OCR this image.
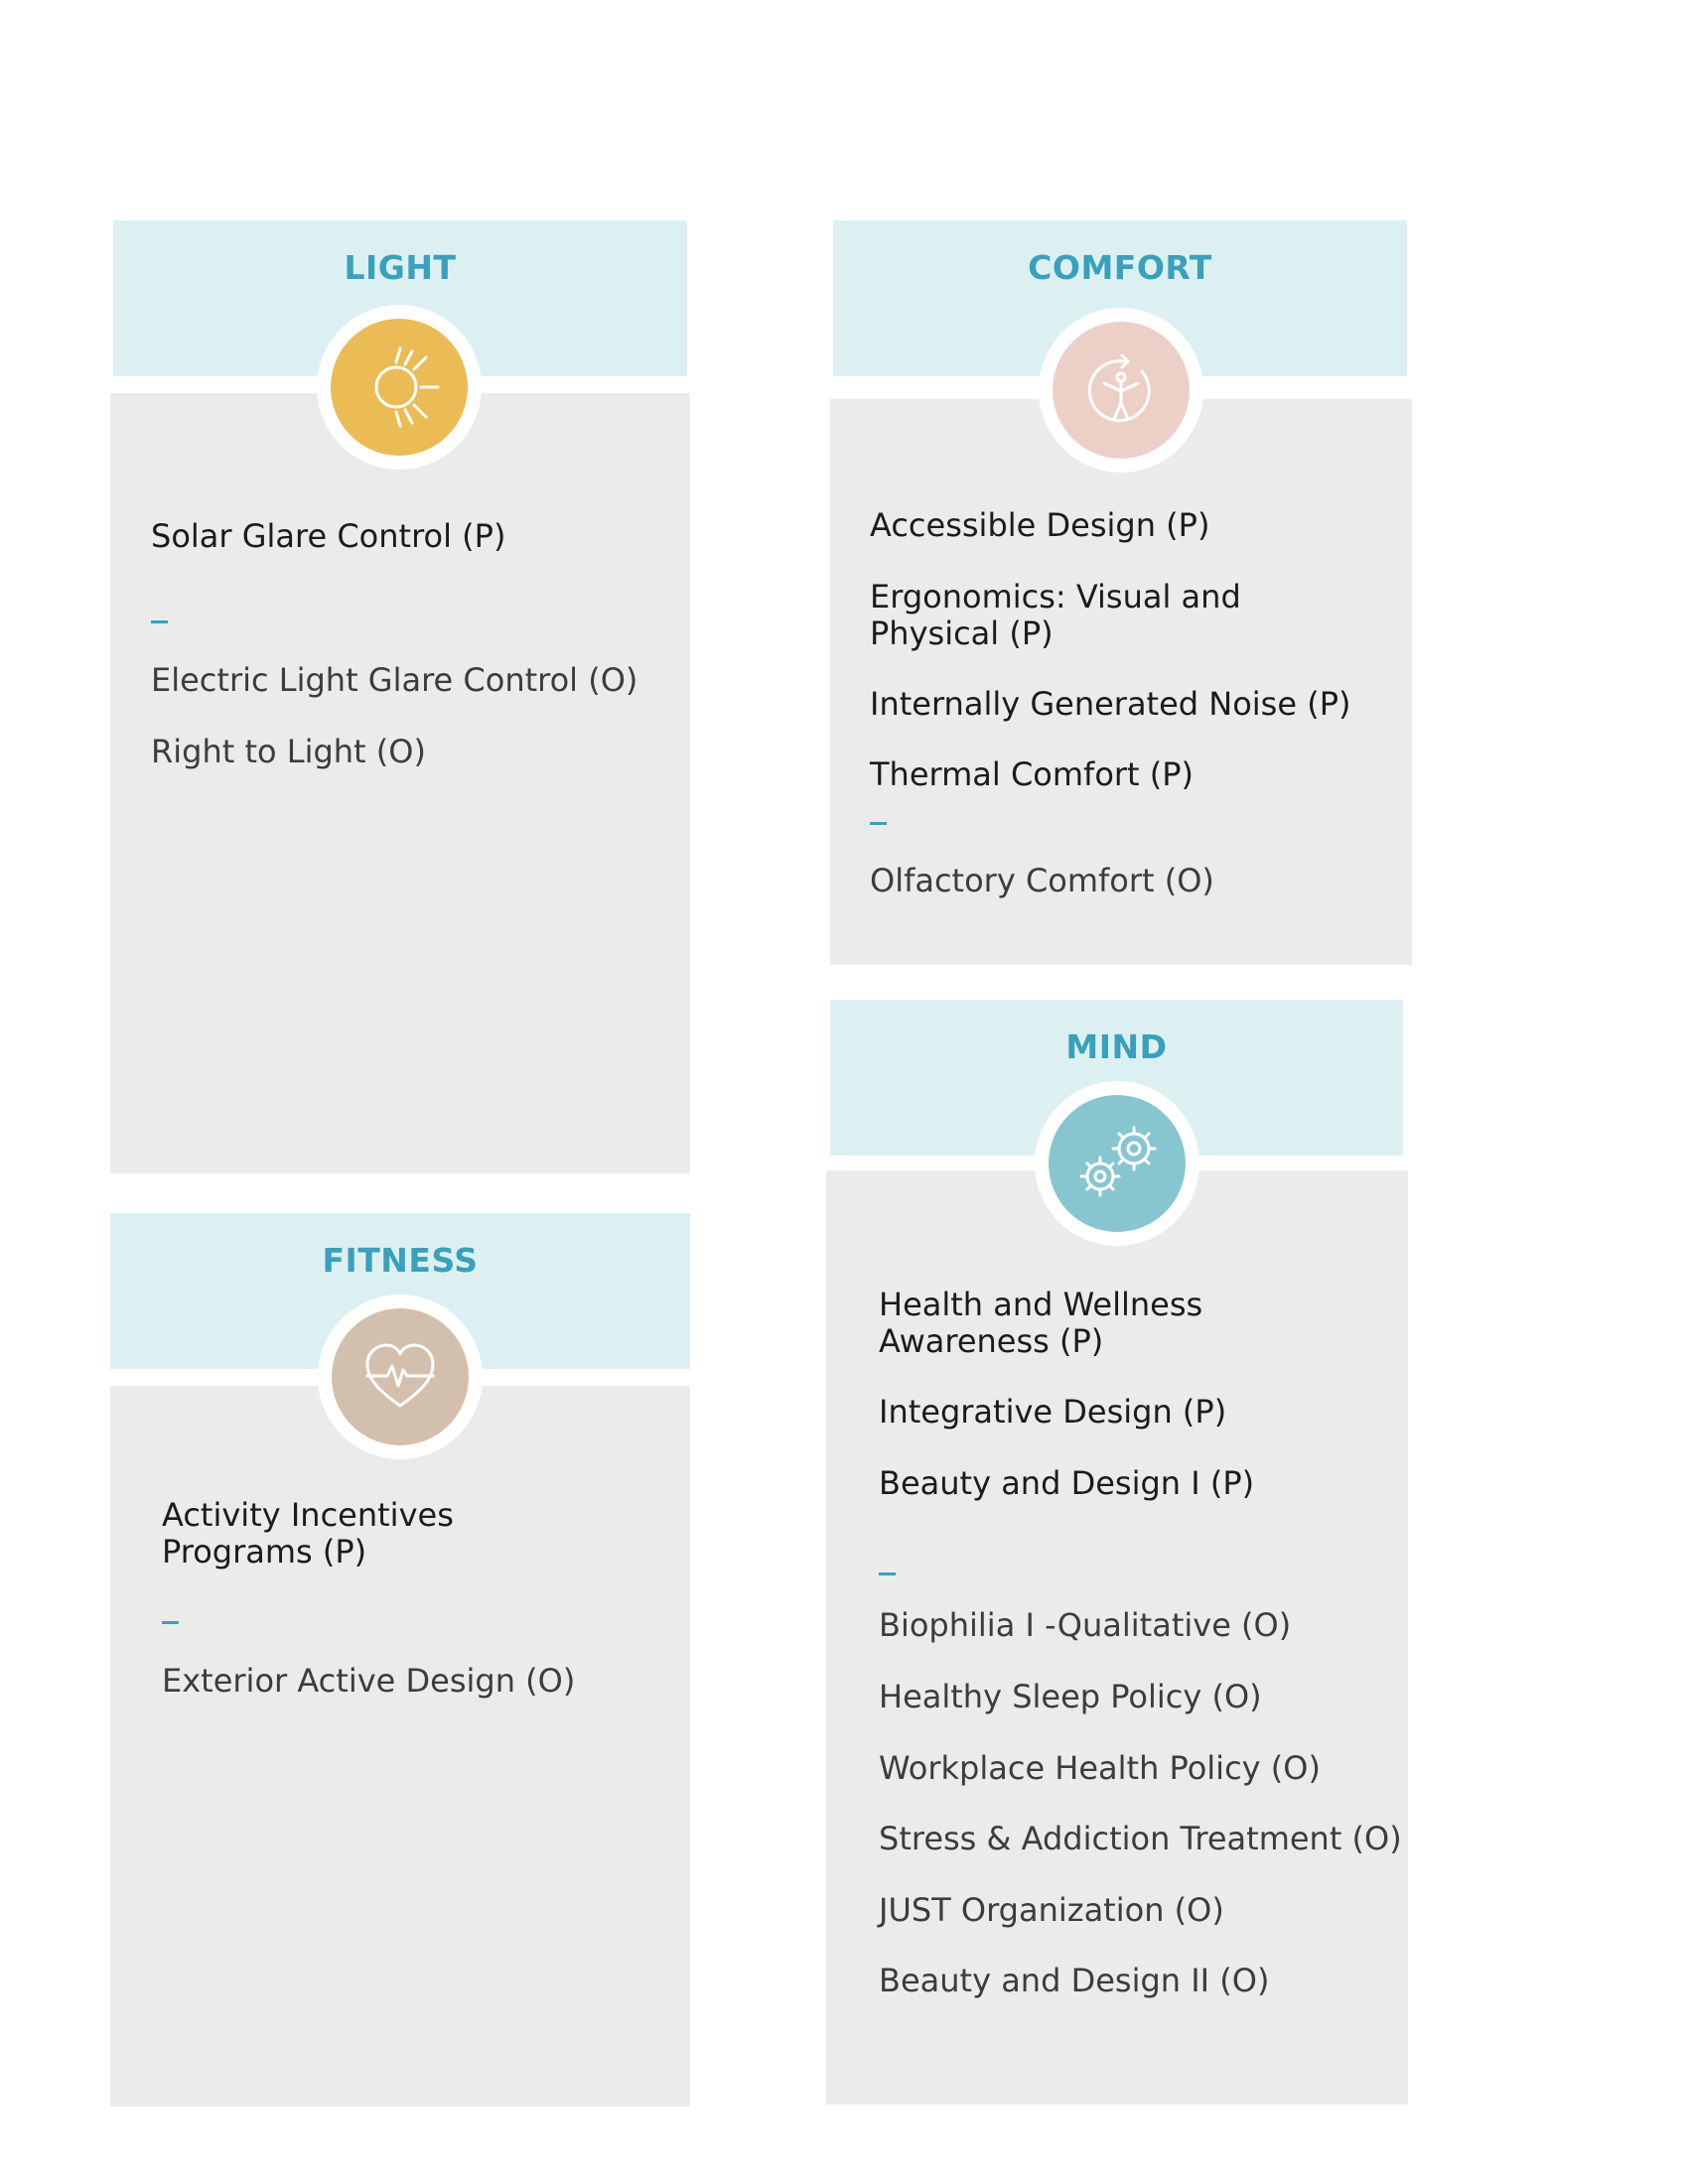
LIGHT
Solar Glare Control (P)
Electric Light Glare Control (O)
Right to Light (O)
COMFORT
Accessible Design (P)
Ergonomics: Visual and
Physical (P)
Internally Generated Noise (P)
Thermal Comfort (P)
Olfactory Comfort (O)
FITNESS
Activity Incentives
Programs (P)
Exterior Active Design (O)
MIND
Health and Wellness
Awareness (P)
Integrative Design (P)
Beauty and Design I (P)
Biophilia I -Qualitative (O)
Healthy Sleep Policy (O)
Workplace Health Policy (O)
Stress & Addiction Treatment (O)
JUST Organization (O)
Beauty and Design II (O)
